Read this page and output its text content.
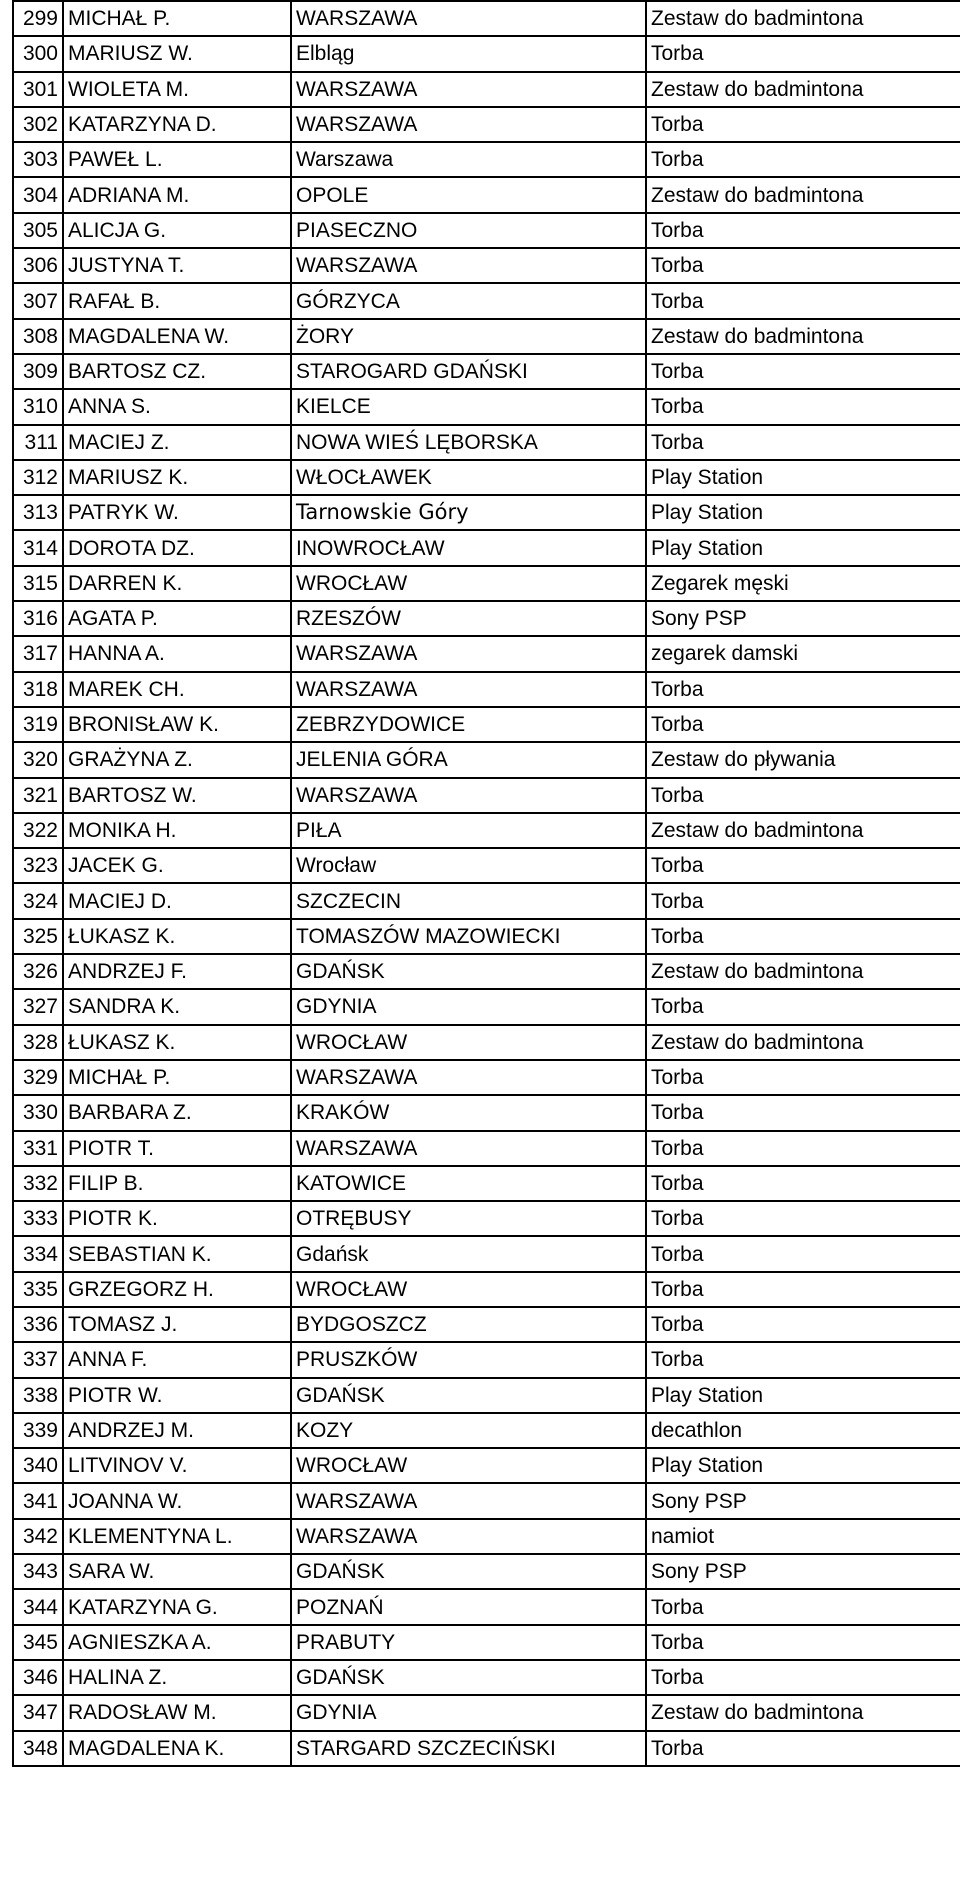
299	MICHAŁ P.	WARSZAWA	Zestaw do badmintona
300	MARIUSZ W.	Elbląg	Torba
301	WIOLETA M.	WARSZAWA	Zestaw do badmintona
302	KATARZYNA D.	WARSZAWA	Torba
303	PAWEŁ L.	Warszawa	Torba
304	ADRIANA M.	OPOLE	Zestaw do badmintona
305	ALICJA G.	PIASECZNO	Torba
306	JUSTYNA T.	WARSZAWA	Torba
307	RAFAŁ B.	GÓRZYCA	Torba
308	MAGDALENA W.	ŻORY	Zestaw do badmintona
309	BARTOSZ CZ.	STAROGARD GDAŃSKI	Torba
310	ANNA S.	KIELCE	Torba
311	MACIEJ Z.	NOWA WIEŚ LĘBORSKA	Torba
312	MARIUSZ K.	WŁOCŁAWEK	Play Station
313	PATRYK W.	Tarnowskie Góry	Play Station
314	DOROTA DZ.	INOWROCŁAW	Play Station
315	DARREN K.	WROCŁAW	Zegarek męski
316	AGATA P.	RZESZÓW	Sony PSP
317	HANNA A.	WARSZAWA	zegarek damski
318	MAREK CH.	WARSZAWA	Torba
319	BRONISŁAW K.	ZEBRZYDOWICE	Torba
320	GRAŻYNA Z.	JELENIA GÓRA	Zestaw do pływania
321	BARTOSZ W.	WARSZAWA	Torba
322	MONIKA H.	PIŁA	Zestaw do badmintona
323	JACEK G.	Wrocław	Torba
324	MACIEJ D.	SZCZECIN	Torba
325	ŁUKASZ K.	TOMASZÓW MAZOWIECKI	Torba
326	ANDRZEJ F.	GDAŃSK	Zestaw do badmintona
327	SANDRA K.	GDYNIA	Torba
328	ŁUKASZ K.	WROCŁAW	Zestaw do badmintona
329	MICHAŁ P.	WARSZAWA	Torba
330	BARBARA Z.	KRAKÓW	Torba
331	PIOTR T.	WARSZAWA	Torba
332	FILIP B.	KATOWICE	Torba
333	PIOTR K.	OTRĘBUSY	Torba
334	SEBASTIAN K.	Gdańsk	Torba
335	GRZEGORZ H.	WROCŁAW	Torba
336	TOMASZ J.	BYDGOSZCZ	Torba
337	ANNA F.	PRUSZKÓW	Torba
338	PIOTR W.	GDAŃSK	Play Station
339	ANDRZEJ M.	KOZY	decathlon
340	LITVINOV V.	WROCŁAW	Play Station
341	JOANNA W.	WARSZAWA	Sony PSP
342	KLEMENTYNA L.	WARSZAWA	namiot
343	SARA W.	GDAŃSK	Sony PSP
344	KATARZYNA G.	POZNAŃ	Torba
345	AGNIESZKA A.	PRABUTY	Torba
346	HALINA Z.	GDAŃSK	Torba
347	RADOSŁAW M.	GDYNIA	Zestaw do badmintona
348	MAGDALENA K.	STARGARD SZCZECIŃSKI	Torba
